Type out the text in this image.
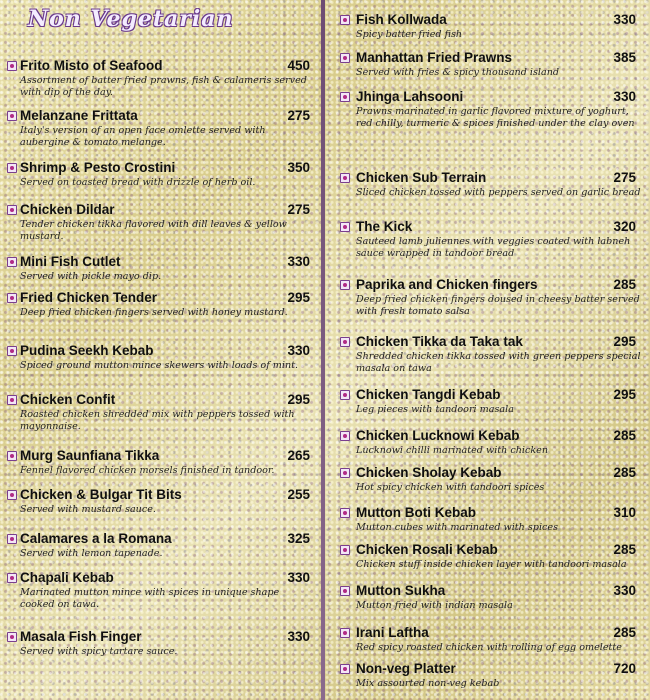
Non Vegetarian
Frito Misto of Seafood	450
Assortment of batter fried prawns, fish & calameris served with dip of the day.
Melanzane Frittata	275
Italy's version of an open face omlette served with aubergine & tomato melange.
Shrimp & Pesto Crostini	350
Served on toasted bread with drizzle of herb oil.
Chicken Dildar	275
Tender chicken tikka flavored with dill leaves & yellow mustard.
Mini Fish Cutlet	330
Served with pickle mayo dip.
Fried Chicken Tender	295
Deep fried chicken fingers served with honey mustard.
Pudina Seekh Kebab	330
Spiced ground mutton mince skewers with loads of mint.
Chicken Confit	295
Roasted chicken shredded mix with peppers tossed with mayonnaise.
Murg Saunfiana Tikka	265
Fennel flavored chicken morsels finished in tandoor.
Chicken & Bulgar Tit Bits	255
Served with mustard sauce.
Calamares a la Romana	325
Served with lemon tapenade.
Chapali Kebab	330
Marinated mutton mince with spices in unique shape cooked on tawa.
Masala Fish Finger	330
Served with spicy tartare sauce.
Fish Kollwada	330
Spicy batter fried fish
Manhattan Fried Prawns	385
Served with fries & spicy thousand island
Jhinga Lahsooni	330
Prawns marinated in garlic flavored mixture of yoghurt, red chilly, turmeric & spices finished under the clay oven
Chicken Sub Terrain	275
Sliced chicken tossed with peppers served on garlic bread
The Kick	320
Sauteed lamb juliennes with veggies coated with labneh sauce wrapped in tandoor bread
Paprika and Chicken fingers	285
Deep fried chicken fingers doused in cheesy batter served with fresh tomato salsa
Chicken Tikka da Taka tak	295
Shredded chicken tikka tossed with green peppers special masala on tawa
Chicken Tangdi Kebab	295
Leg pieces with tandoori masala
Chicken Lucknowi Kebab	285
Lucknowi chilli marinated with chicken
Chicken Sholay Kebab	285
Hot spicy chicken with tandoori spices
Mutton Boti Kebab	310
Mutton cubes with marinated with spices
Chicken Rosali Kebab	285
Chicken stuff inside chicken layer with tandoori masala
Mutton Sukha	330
Mutton fried with indian masala
Irani Laftha	285
Red spicy roasted chicken with rolling of egg omelette
Non-veg Platter	720
Mix assourted non-veg kebab
